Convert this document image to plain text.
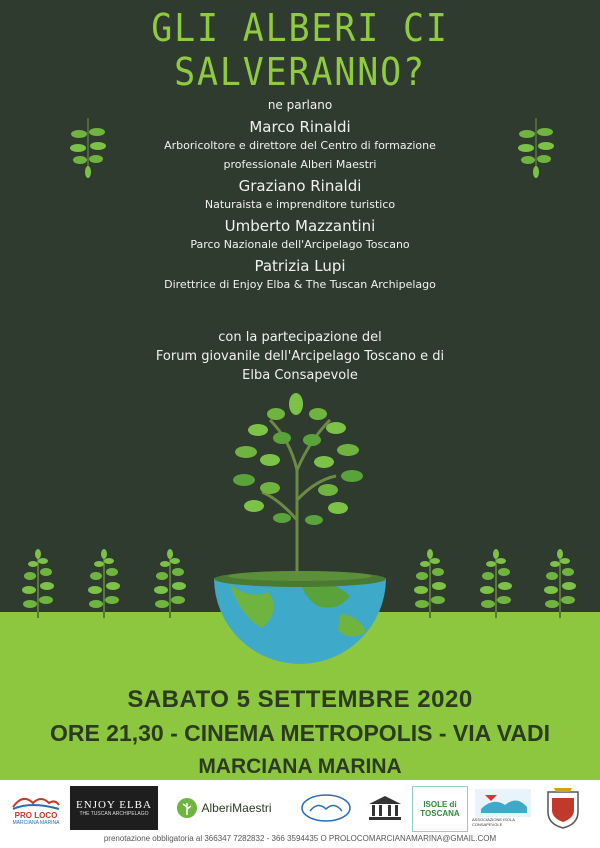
GLI ALBERI CI SALVERANNO?
ne parlano
Marco Rinaldi
Arboricoltore e direttore del Centro di formazione
professionale Alberi Maestri
Graziano Rinaldi
Naturaista e imprenditore turistico
Umberto Mazzantini
Parco Nazionale dell'Arcipelago Toscano
Patrizia Lupi
Direttrice di Enjoy Elba & The Tuscan Archipelago
con la partecipazione del
Forum giovanile dell'Arcipelago Toscano e di
Elba Consapevole
SABATO 5 SETTEMBRE 2020
ORE 21,30 - CINEMA METROPOLIS - VIA VADI
MARCIANA MARINA
PRO LOCO
MARCIANA MARINA
ENJOY ELBA
THE TUSCAN ARCHIPELAGO	AlberiMaestri	ISOLE di
TOSCANA
ASSOCIAZIONE ISOLA CONSAPEVOLE
prenotazione obbligatoria al 366347 7282832 - 366 3594435 O PROLOCOMARCIANAMARINA@GMAIL.COM
